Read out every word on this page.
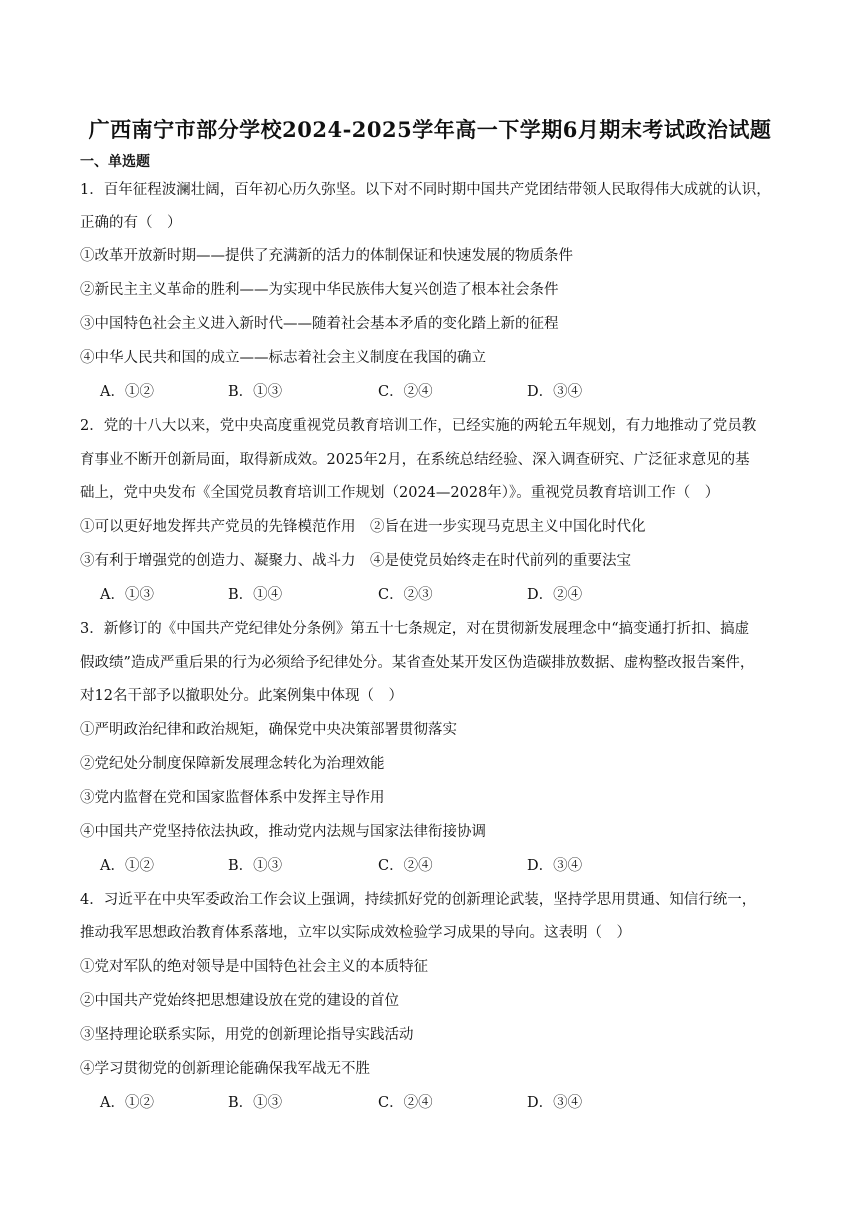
广西南宁市部分学校2024-2025学年高一下学期6月期末考试政治试题
一、单选题
1．百年征程波澜壮阔，百年初心历久弥坚。以下对不同时期中国共产党团结带领人民取得伟大成就的认识，
正确的有（　）
①改革开放新时期——提供了充满新的活力的体制保证和快速发展的物质条件
②新民主主义革命的胜利——为实现中华民族伟大复兴创造了根本社会条件
③中国特色社会主义进入新时代——随着社会基本矛盾的变化踏上新的征程
④中华人民共和国的成立——标志着社会主义制度在我国的确立
A．①②	B．①③	C．②④	D．③④
2．党的十八大以来，党中央高度重视党员教育培训工作，已经实施的两轮五年规划，有力地推动了党员教
育事业不断开创新局面，取得新成效。2025年2月，在系统总结经验、深入调查研究、广泛征求意见的基
础上，党中央发布《全国党员教育培训工作规划（2024—2028年）》。重视党员教育培训工作（　）
①可以更好地发挥共产党员的先锋模范作用　②旨在进一步实现马克思主义中国化时代化
③有利于增强党的创造力、凝聚力、战斗力　④是使党员始终走在时代前列的重要法宝
A．①③	B．①④	C．②③	D．②④
3．新修订的《中国共产党纪律处分条例》第五十七条规定，对在贯彻新发展理念中“搞变通打折扣、搞虚
假政绩”造成严重后果的行为必须给予纪律处分。某省查处某开发区伪造碳排放数据、虚构整改报告案件，
对12名干部予以撤职处分。此案例集中体现（　）
①严明政治纪律和政治规矩，确保党中央决策部署贯彻落实
②党纪处分制度保障新发展理念转化为治理效能
③党内监督在党和国家监督体系中发挥主导作用
④中国共产党坚持依法执政，推动党内法规与国家法律衔接协调
A．①②	B．①③	C．②④	D．③④
4．习近平在中央军委政治工作会议上强调，持续抓好党的创新理论武装，坚持学思用贯通、知信行统一，
推动我军思想政治教育体系落地，立牢以实际成效检验学习成果的导向。这表明（　）
①党对军队的绝对领导是中国特色社会主义的本质特征
②中国共产党始终把思想建设放在党的建设的首位
③坚持理论联系实际，用党的创新理论指导实践活动
④学习贯彻党的创新理论能确保我军战无不胜
A．①②	B．①③	C．②④	D．③④
